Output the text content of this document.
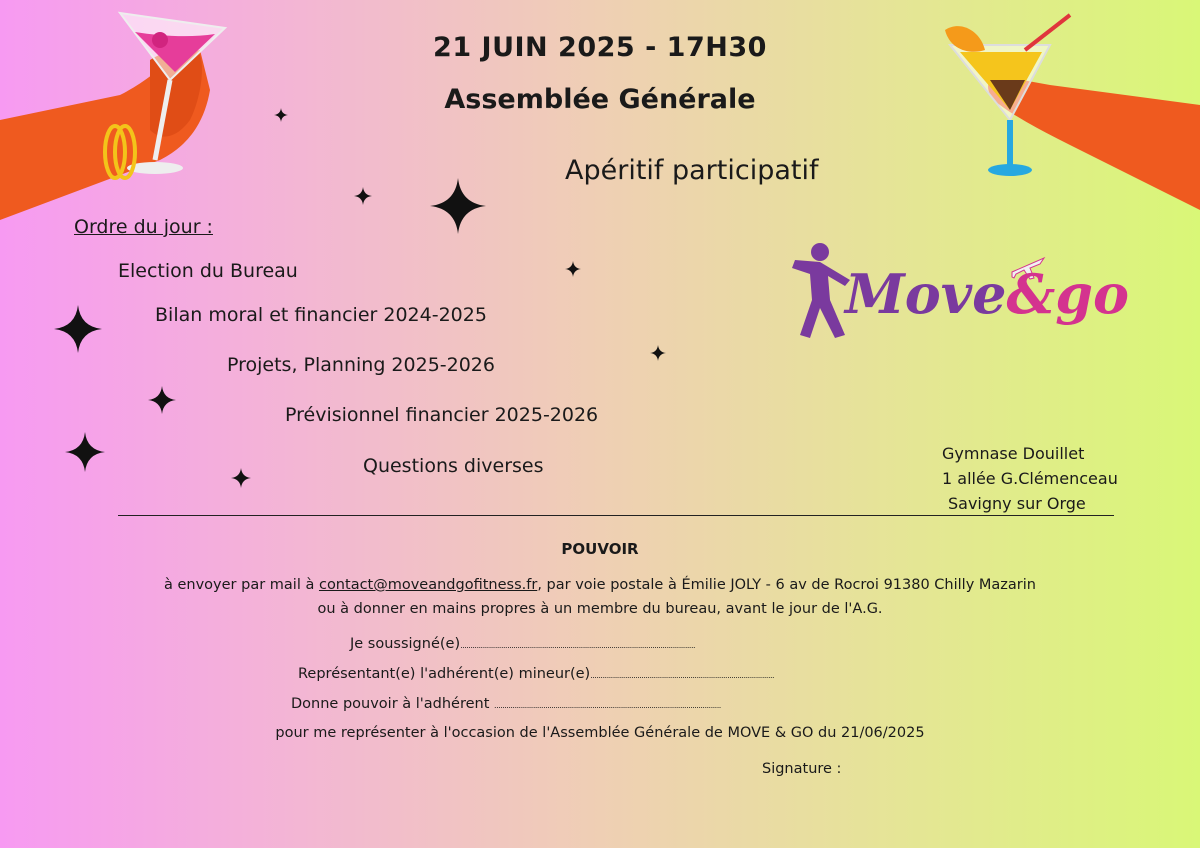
21 JUIN 2025 - 17H30
Assemblée Générale
Apéritif participatif
Ordre du jour :
Election du Bureau
Bilan moral et financier 2024-2025
Projets, Planning 2025-2026
Prévisionnel financier 2025-2026
Questions diverses
Move&go
Gymnase Douillet
1 allée G.Clémenceau
Savigny sur Orge
POUVOIR
à envoyer par mail à contact@moveandgofitness.fr, par voie postale à Émilie JOLY - 6 av de Rocroi 91380 Chilly Mazarin
ou à donner en mains propres à un membre du bureau, avant le jour de l'A.G.
Je soussigné(e)...................................................................................................................
Représentant(e) l'adhérent(e) mineur(e)..........................................................................................
Donne pouvoir à l'adhérent ...............................................................................................................
pour me représenter à l'occasion de l'Assemblée Générale de MOVE & GO du 21/06/2025
Signature :
